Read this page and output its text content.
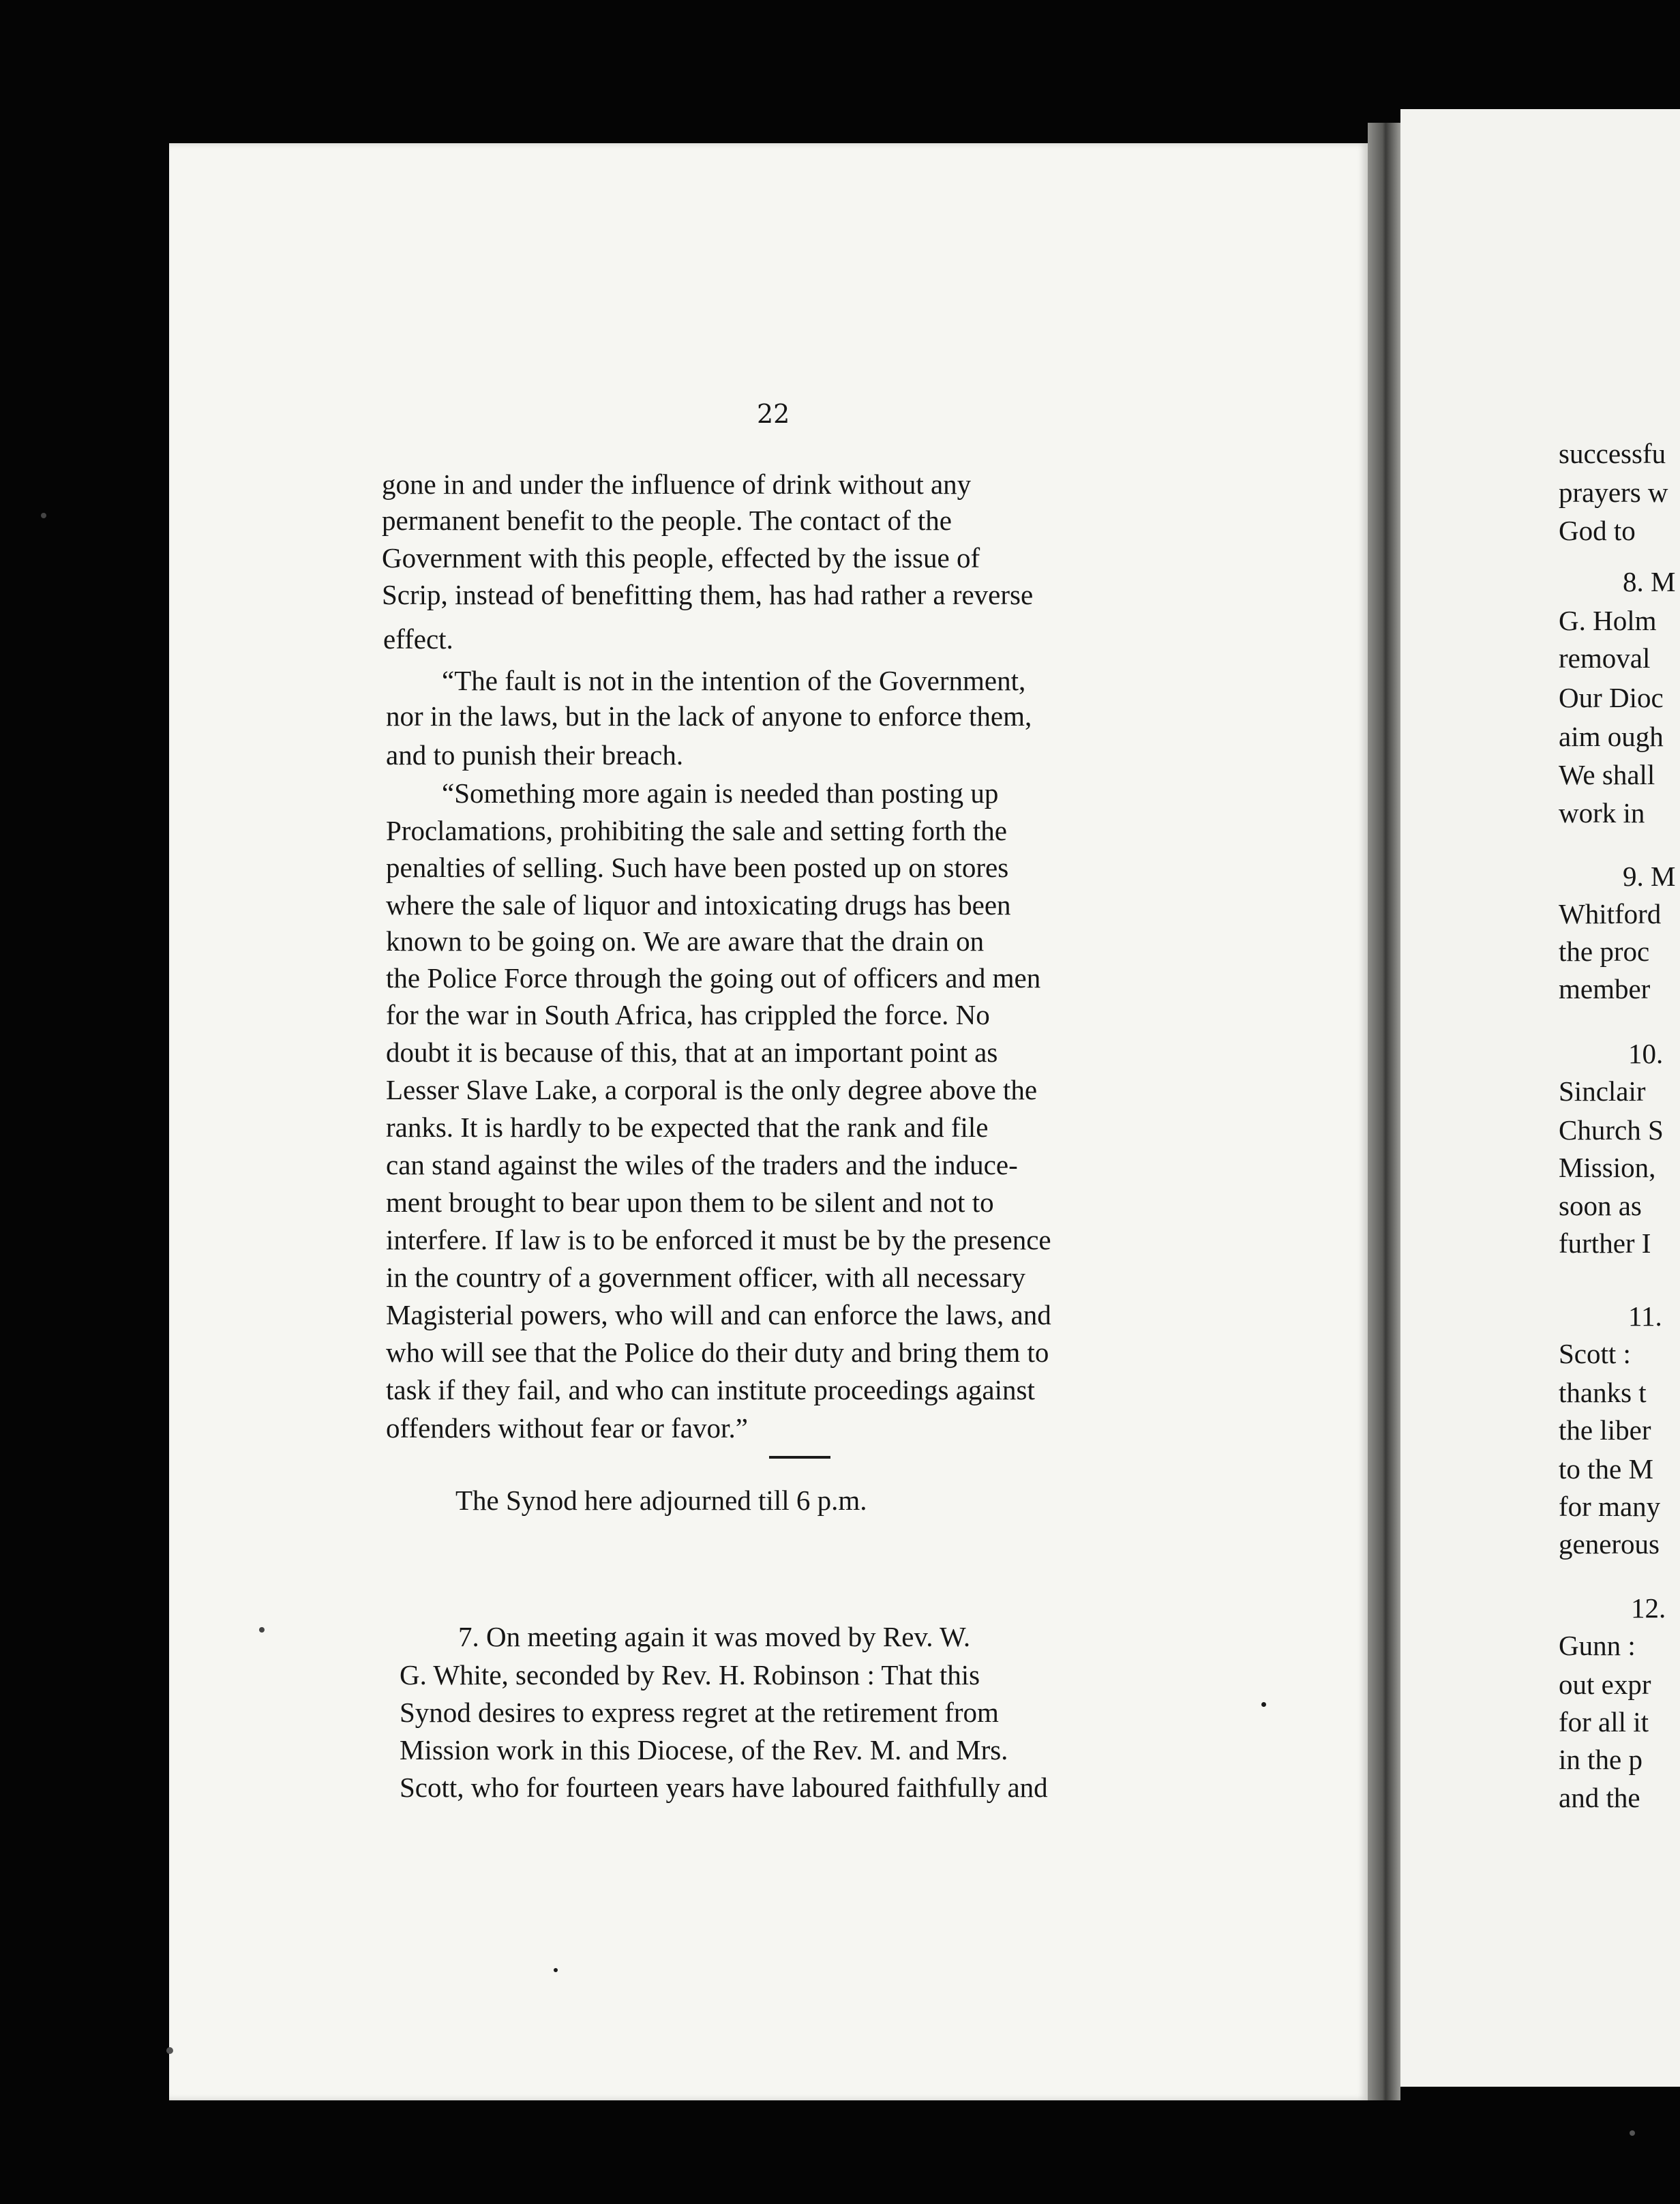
22
gone in and under the influence of drink without any
permanent benefit to the people. The contact of the
Government with this people, effected by the issue of
Scrip, instead of benefitting them, has had rather a reverse
effect.
“The fault is not in the intention of the Government,
nor in the laws, but in the lack of anyone to enforce them,
and to punish their breach.
“Something more again is needed than posting up
Proclamations, prohibiting the sale and setting forth the
penalties of selling. Such have been posted up on stores
where the sale of liquor and intoxicating drugs has been
known to be going on. We are aware that the drain on
the Police Force through the going out of officers and men
for the war in South Africa, has crippled the force. No
doubt it is because of this, that at an important point as
Lesser Slave Lake, a corporal is the only degree above the
ranks. It is hardly to be expected that the rank and file
can stand against the wiles of the traders and the induce-
ment brought to bear upon them to be silent and not to
interfere. If law is to be enforced it must be by the presence
in the country of a government officer, with all necessary
Magisterial powers, who will and can enforce the laws, and
who will see that the Police do their duty and bring them to
task if they fail, and who can institute proceedings against
offenders without fear or favor.”
The Synod here adjourned till 6 p.m.
7. On meeting again it was moved by Rev. W.
G. White, seconded by Rev. H. Robinson : That this
Synod desires to express regret at the retirement from
Mission work in this Diocese, of the Rev. M. and Mrs.
Scott, who for fourteen years have laboured faithfully and
successfu
prayers w
God to
8. M
G. Holm
removal
Our Dioc
aim ough
We shall
work in
9. M
Whitford
the proc
member
10.
Sinclair
Church S
Mission,
soon as
further I
11.
Scott :
thanks t
the liber
to the M
for many
generous
12.
Gunn :
out expr
for all it
in the p
and the
